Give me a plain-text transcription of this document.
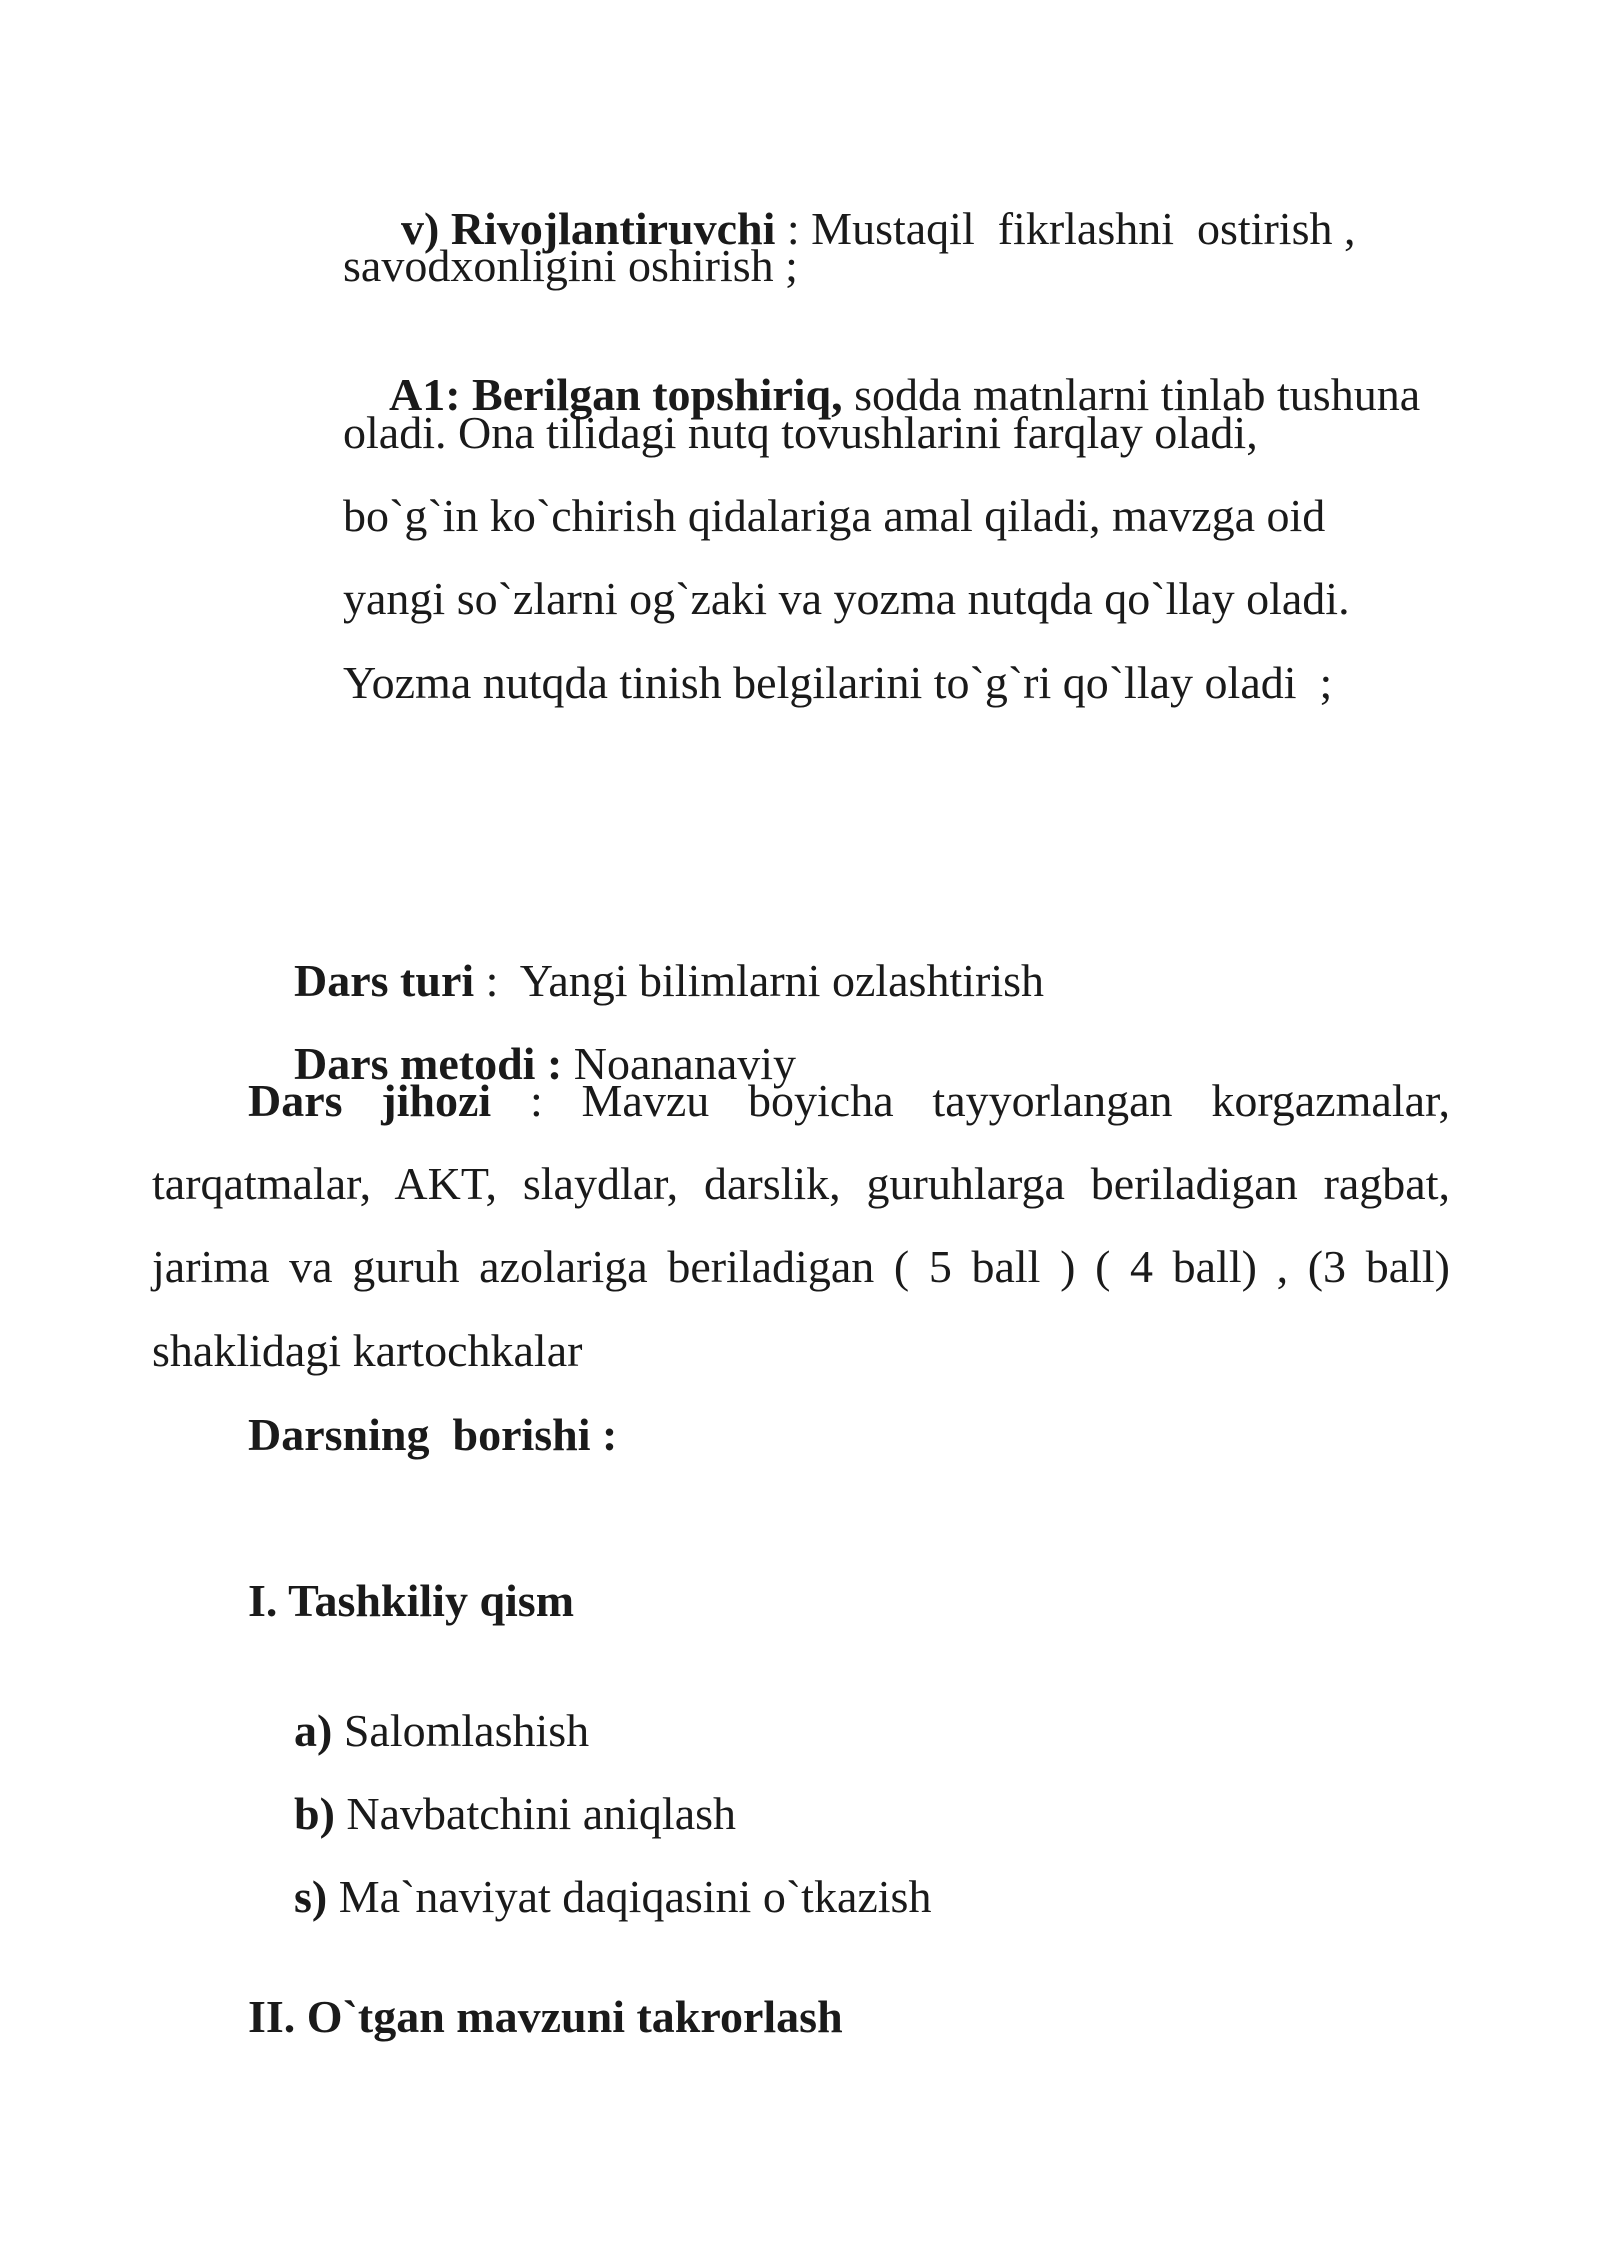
v) Rivojlantiruvchi : Mustaqil  fikrlashni  ostirish ,

savodxonligini oshirish ;

A1: Berilgan topshiriq, sodda matnlarni tinlab tushuna

oladi. Ona tilidagi nutq tovushlarini farqlay oladi,
bo`g`in ko`chirish qidalariga amal qiladi, mavzga oid
yangi so`zlarni og`zaki va yozma nutqda qo`llay oladi.
Yozma nutqda tinish belgilarini to`g`ri qo`llay oladi  ;

Dars turi :  Yangi bilimlarni ozlashtirish

Dars metodi : Noananaviy

Dars jihozi : Mavzu boyicha tayyorlangan korgazmalar,
tarqatmalar, AKT, slaydlar, darslik, guruhlarga beriladigan ragbat,
jarima va guruh azolariga beriladigan ( 5 ball ) ( 4 ball) , (3 ball)
shaklidagi kartochkalar
Darsning  borishi :
I. Tashkiliy qism

a) Salomlashish

b) Navbatchini aniqlash

s) Ma`naviyat daqiqasini o`tkazish

II. O`tgan mavzuni takrorlash
